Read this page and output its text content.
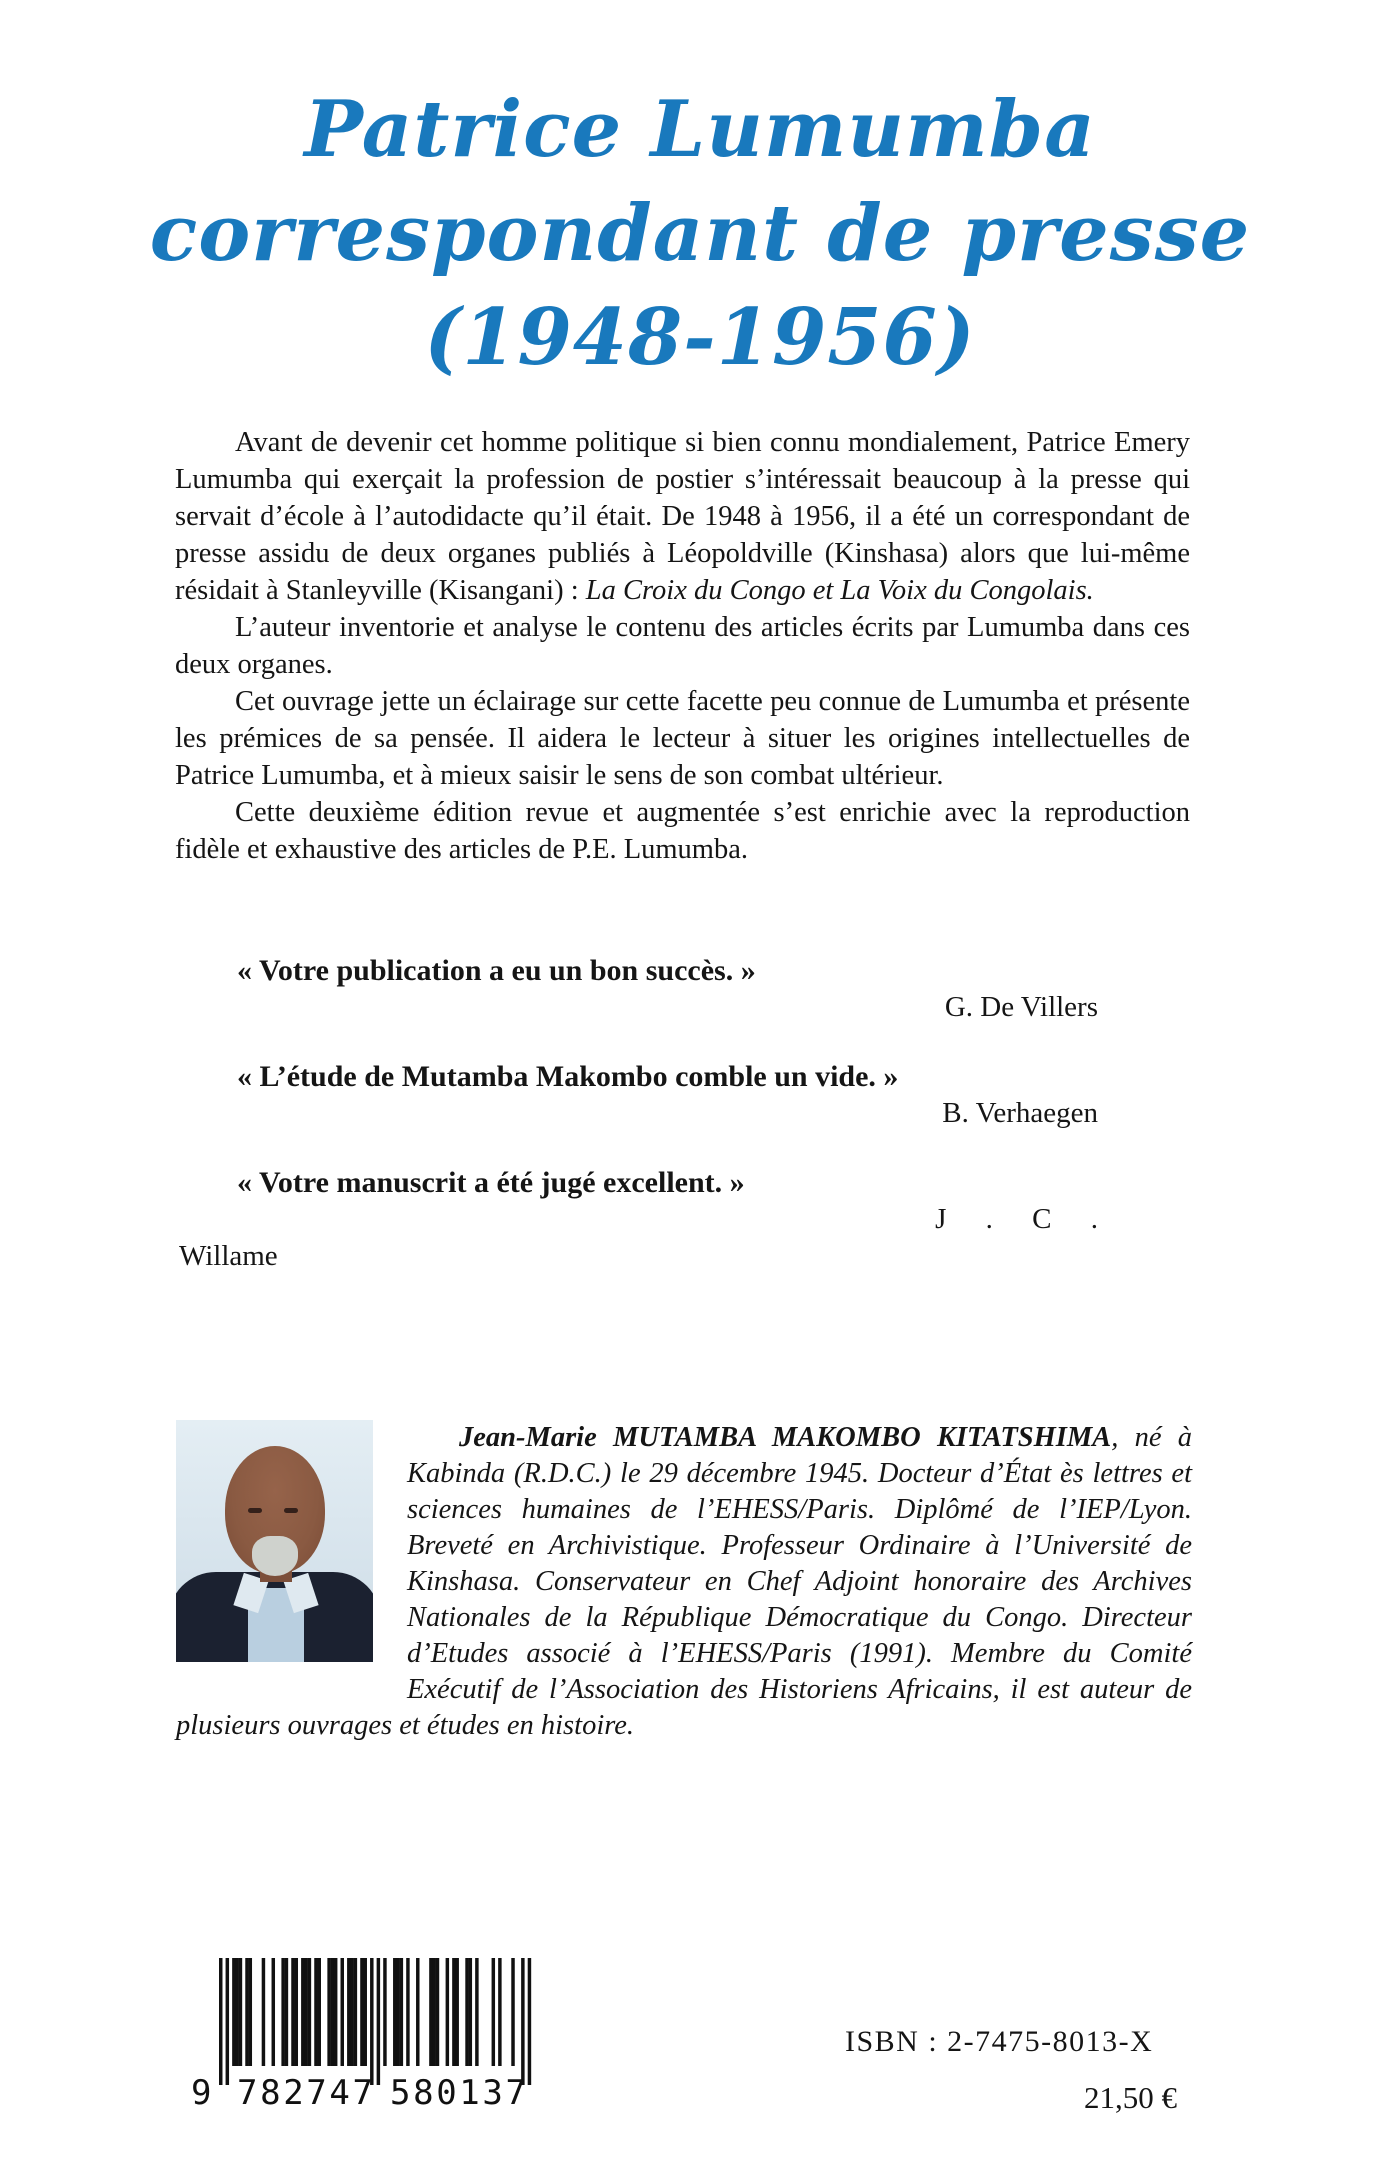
Patrice Lumumba
correspondant de presse
(1948-1956)

Avant de devenir cet homme politique si bien connu mondialement, Patrice Emery Lumumba qui exerçait la profession de postier s’intéressait beaucoup à la presse qui servait d’école à l’autodidacte qu’il était. De 1948 à 1956, il a été un correspondant de presse assidu de deux organes publiés à Léopoldville (Kinshasa) alors que lui-même résidait à Stanleyville (Kisangani) : La Croix du Congo et La Voix du Congolais.

L’auteur inventorie et analyse le contenu des articles écrits par Lumumba dans ces deux organes.

Cet ouvrage jette un éclairage sur cette facette peu connue de Lumumba et présente les prémices de sa pensée. Il aidera le lecteur à situer les origines intellectuelles de Patrice Lumumba, et à mieux saisir le sens de son combat ultérieur.

Cette deuxième édition revue et augmentée s’est enrichie avec la reproduction fidèle et exhaustive des articles de P.E. Lumumba.

« Votre publication a eu un bon succès. »
G. De Villers
« L’étude de Mutamba Makombo comble un vide. »
B. Verhaegen
« Votre manuscrit a été jugé excellent. »
J . C .
Willame

Jean-Marie MUTAMBA MAKOMBO KITATSHIMA, né à Kabinda (R.D.C.) le 29 décembre 1945. Docteur d’État ès lettres et sciences humaines de l’EHESS/Paris. Diplômé de l’IEP/Lyon. Breveté en Archivistique. Professeur Ordinaire à l’Université de Kinshasa. Conservateur en Chef Adjoint honoraire des Archives Nationales de la République Démocratique du Congo. Directeur d’Etudes associé à l’EHESS/Paris (1991). Membre du Comité Exécutif de l’Association des Historiens Africains, il est auteur de plusieurs ouvrages et études en histoire.

9 782747 580137
ISBN : 2-7475-8013-X
21,50 €
